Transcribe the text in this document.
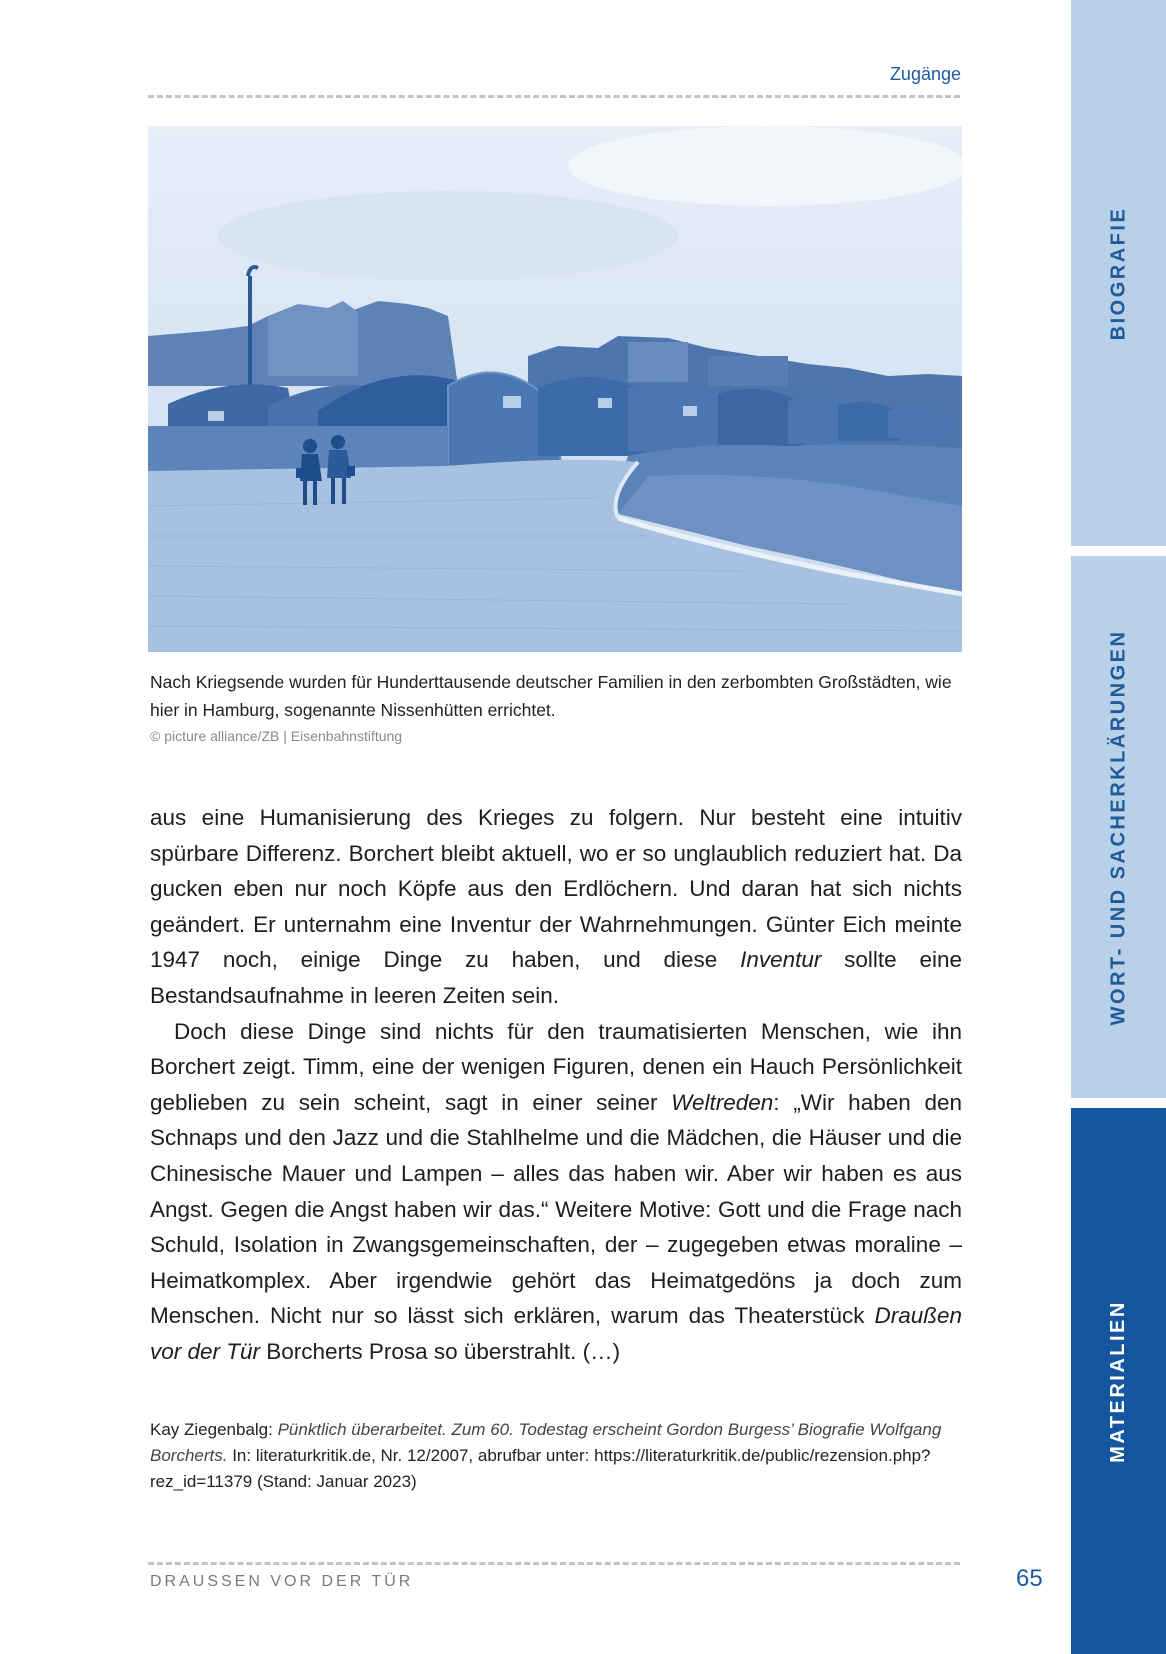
Zugänge
Nach Kriegsende wurden für Hunderttausende deutscher Familien in den zerbombten Großstädten, wie hier in Hamburg, sogenannte Nissenhütten errichtet.
© picture alliance/ZB | Eisenbahnstiftung

aus eine Humanisierung des Krieges zu folgern. Nur besteht eine intuitiv spürbare Differenz. Borchert bleibt aktuell, wo er so unglaublich reduziert hat. Da gucken eben nur noch Köpfe aus den Erdlöchern. Und daran hat sich nichts geändert. Er unternahm eine Inventur der Wahrnehmungen. Günter Eich meinte 1947 noch, einige Dinge zu haben, und diese Inventur sollte eine Bestandsaufnahme in leeren Zeiten sein.

Doch diese Dinge sind nichts für den traumatisierten Menschen, wie ihn Borchert zeigt. Timm, eine der wenigen Figuren, denen ein Hauch Persönlichkeit geblieben zu sein scheint, sagt in einer seiner Weltreden: „Wir haben den Schnaps und den Jazz und die Stahlhelme und die Mädchen, die Häuser und die Chinesische Mauer und Lampen – alles das haben wir. Aber wir haben es aus Angst. Gegen die Angst haben wir das.“ Weitere Motive: Gott und die Frage nach Schuld, Isolation in Zwangsgemeinschaften, der – zugegeben etwas moraline – Heimatkomplex. Aber irgendwie gehört das Heimatgedöns ja doch zum Menschen. Nicht nur so lässt sich erklären, warum das Theaterstück Draußen vor der Tür Borcherts Prosa so überstrahlt. (…)

Kay Ziegenbalg: Pünktlich überarbeitet. Zum 60. Todestag erscheint Gordon Burgess’ Biografie Wolfgang Borcherts. In: literaturkritik.de, Nr. 12/2007, abrufbar unter: https://literaturkritik.de/public/rezension.php?rez_id=11379 (Stand: Januar 2023)
DRAUSSEN VOR DER TÜR	65
BIOGRAFIE
WORT- UND SACHERKLÄRUNGEN
MATERIALIEN
